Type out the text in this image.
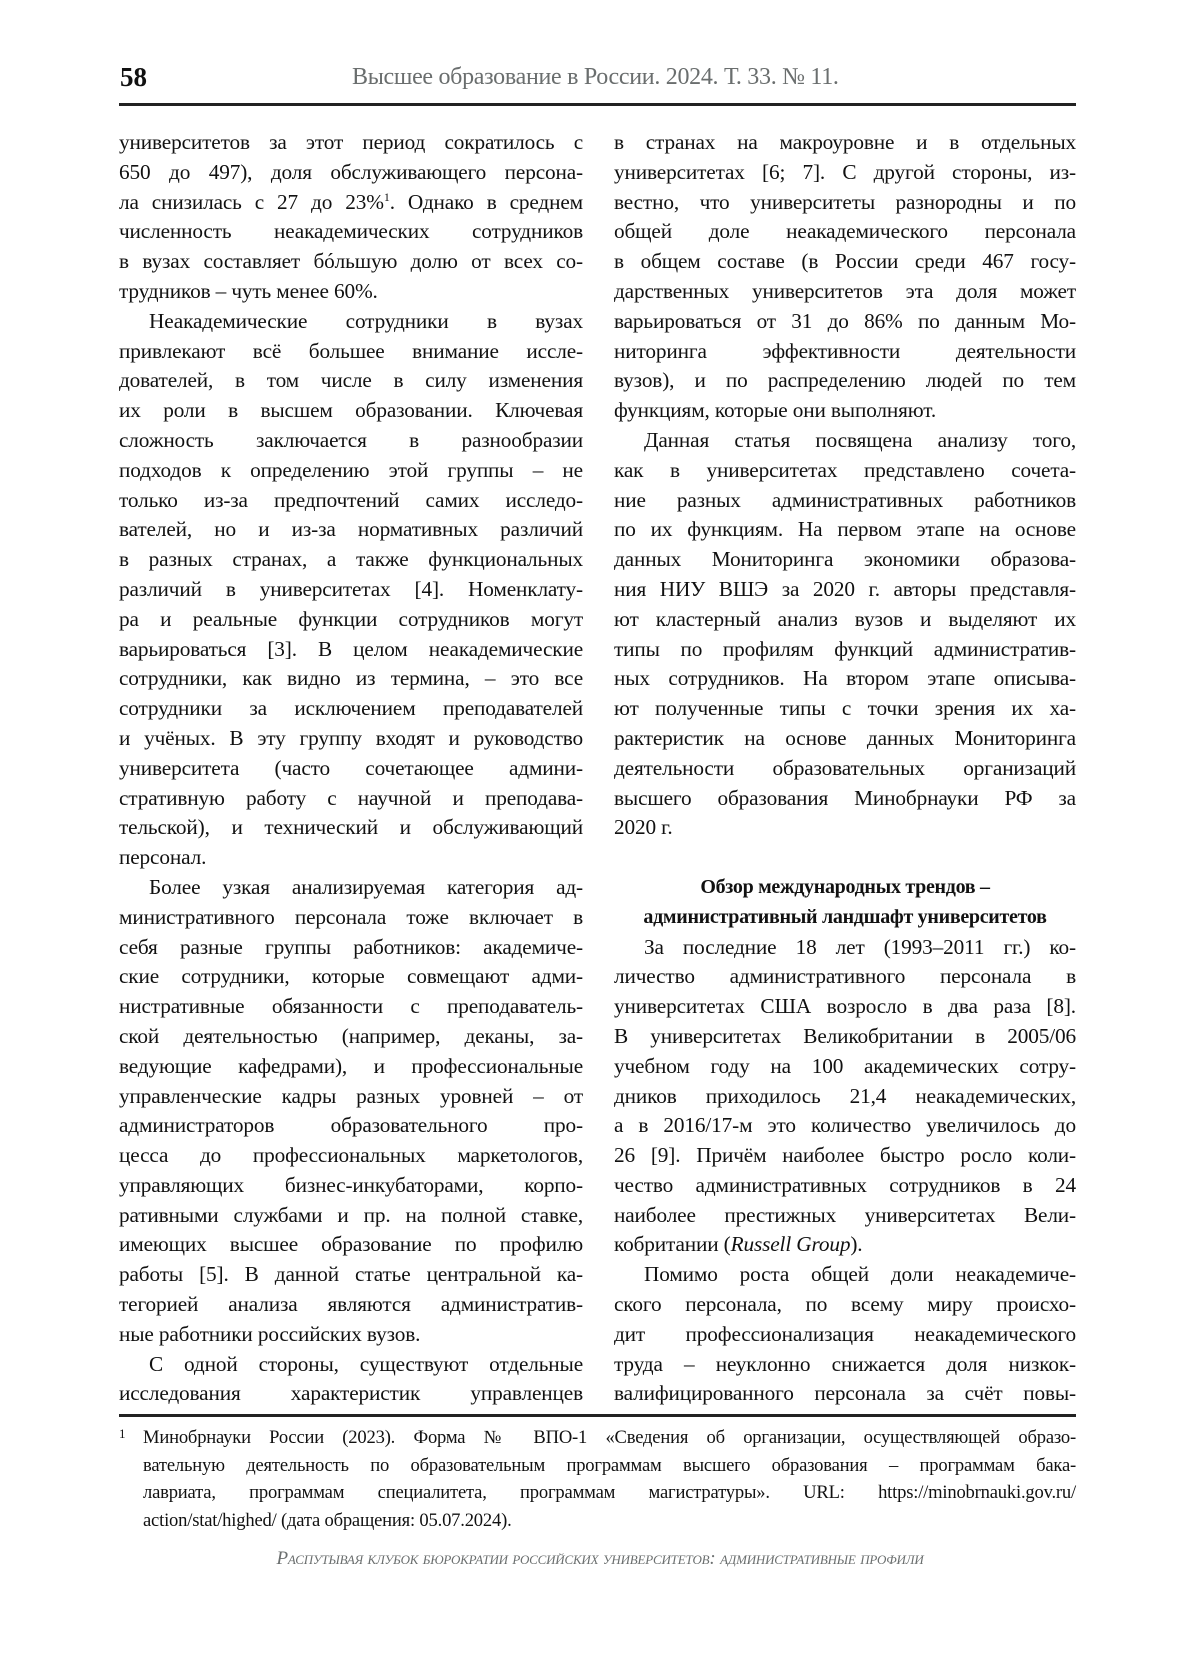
58	Высшее образование в России. 2024. Т. 33. № 11.
университетов за этот период сократилось с
650 до 497), доля обслуживающего персона-
ла снизилась с 27 до 23%$^1$. Однако в среднем
численность неакадемических сотрудников
в вузах составляет бóльшую долю от всех со-
трудников – чуть менее 60%.
Неакадемические сотрудники в вузах
привлекают всё большее внимание иссле-
дователей, в том числе в силу изменения
их роли в высшем образовании. Ключевая
сложность заключается в разнообразии
подходов к определению этой группы – не
только из-за предпочтений самих исследо-
вателей, но и из-за нормативных различий
в разных странах, а также функциональных
различий в университетах [4]. Номенклату-
ра и реальные функции сотрудников могут
варьироваться [3]. В целом неакадемические
сотрудники, как видно из термина, – это все
сотрудники за исключением преподавателей
и учёных. В эту группу входят и руководство
университета (часто сочетающее админи-
стративную работу с научной и преподава-
тельской), и технический и обслуживающий
персонал.
Более узкая анализируемая категория ад-
министративного персонала тоже включает в
себя разные группы работников: академиче-
ские сотрудники, которые совмещают адми-
нистративные обязанности с преподаватель-
ской деятельностью (например, деканы, за-
ведующие кафедрами), и профессиональные
управленческие кадры разных уровней – от
администраторов образовательного про-
цесса до профессиональных маркетологов,
управляющих бизнес-инкубаторами, корпо-
ративными службами и пр. на полной ставке,
имеющих высшее образование по профилю
работы [5]. В данной статье центральной ка-
тегорией анализа являются административ-
ные работники российских вузов.
С одной стороны, существуют отдельные
исследования характеристик управленцев
в странах на макроуровне и в отдельных
университетах [6; 7]. С другой стороны, из-
вестно, что университеты разнородны и по
общей доле неакадемического персонала
в общем составе (в России среди 467 госу-
дарственных университетов эта доля может
варьироваться от 31 до 86% по данным Мо-
ниторинга эффективности деятельности
вузов), и по распределению людей по тем
функциям, которые они выполняют.
Данная статья посвящена анализу того,
как в университетах представлено сочета-
ние разных административных работников
по их функциям. На первом этапе на основе
данных Мониторинга экономики образова-
ния НИУ ВШЭ за 2020 г. авторы представля-
ют кластерный анализ вузов и выделяют их
типы по профилям функций административ-
ных сотрудников. На втором этапе описыва-
ют полученные типы с точки зрения их ха-
рактеристик на основе данных Мониторинга
деятельности образовательных организаций
высшего образования Минобрнауки РФ за
2020 г.
Обзор международных трендов –
административный ландшафт университетов
За последние 18 лет (1993–2011 гг.) ко-
личество административного персонала в
университетах США возросло в два раза [8].
В университетах Великобритании в 2005/06
учебном году на 100 академических сотру-
дников приходилось 21,4 неакадемических,
а в 2016/17-м это количество увеличилось до
26 [9]. Причём наиболее быстро росло коли-
чество административных сотрудников в 24
наиболее престижных университетах Вели-
кобритании (Russell Group).
Помимо роста общей доли неакадемиче-
ского персонала, по всему миру происхо-
дит профессионализация неакадемического
труда – неуклонно снижается доля низкок-
валифицированного персонала за счёт повы-
1 Минобрнауки России (2023). Форма № ВПО-1 «Сведения об организации, осуществляющей образо-
вательную деятельность по образовательным программам высшего образования – программам бака-
лавриата, программам специалитета, программам магистратуры». URL: https://minobrnauki.gov.ru/
action/stat/highed/ (дата обращения: 05.07.2024).
Распутывая клубок бюрократии российских университетов: административные профили
